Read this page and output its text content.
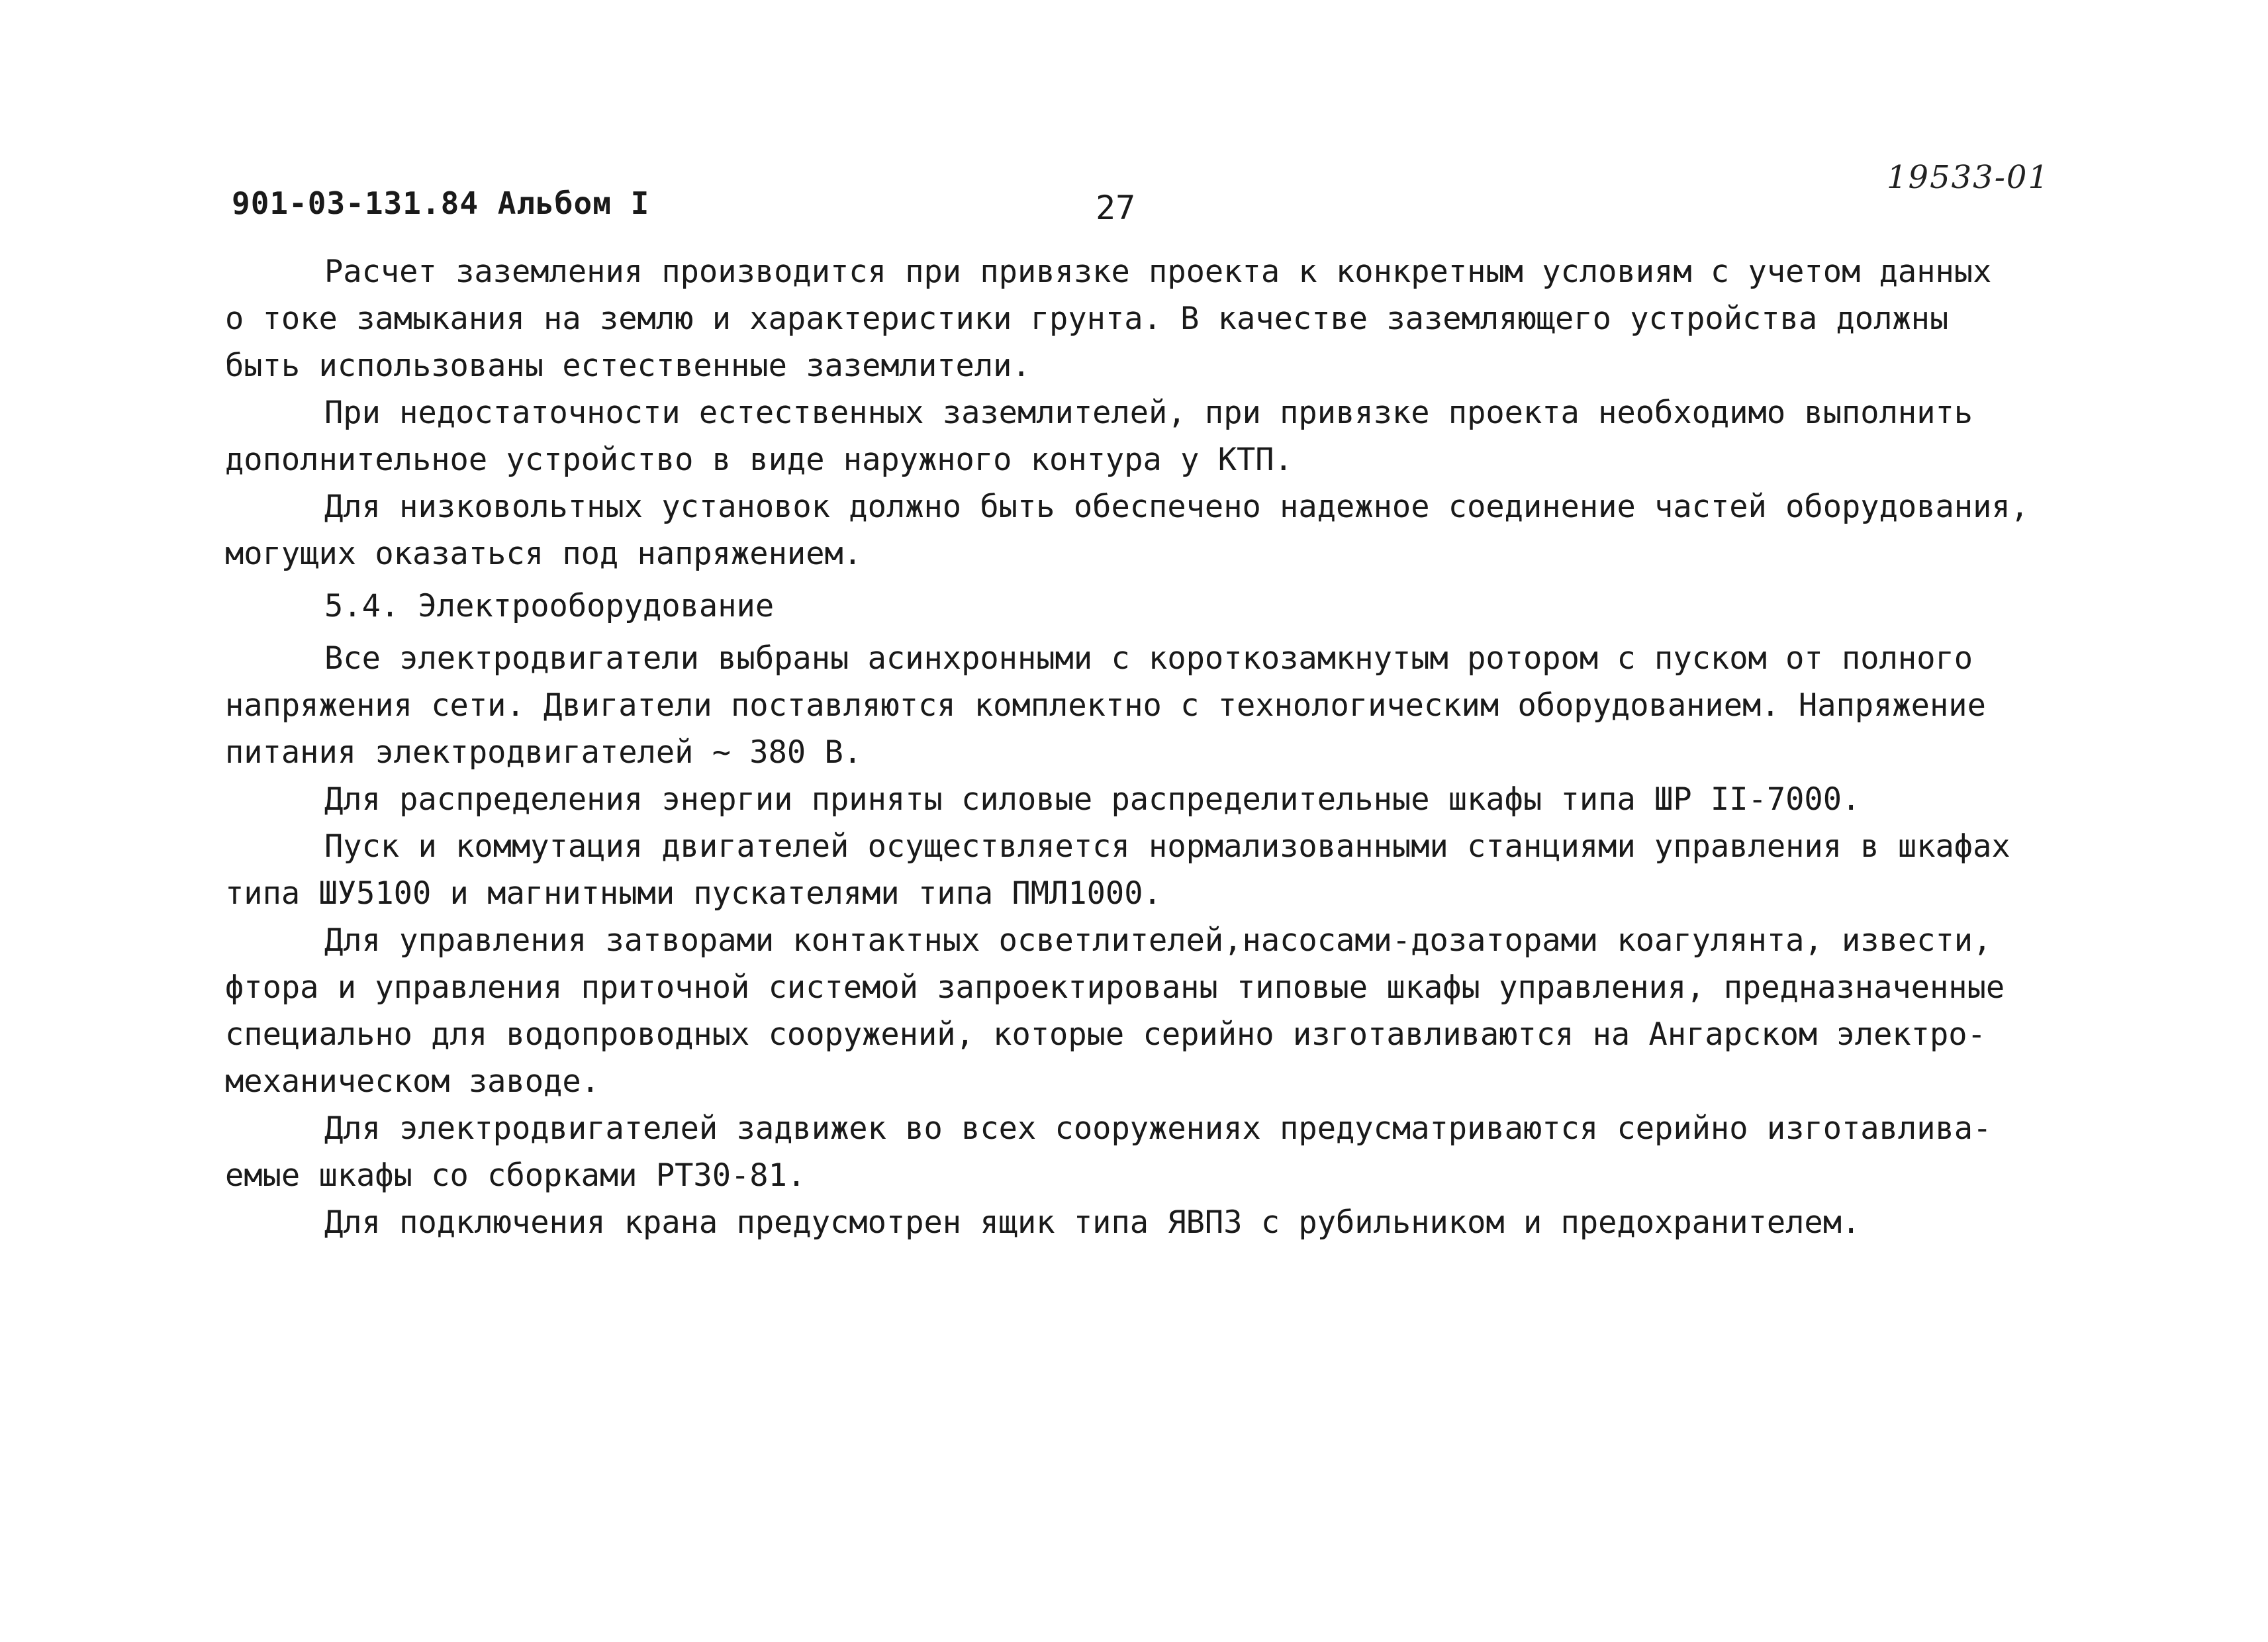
901-03-131.84 Альбом I	27
19533-01
Расчет заземления производится при привязке проекта к конкретным условиям с учетом данных
о токе замыкания на землю и характеристики грунта. В качестве заземляющего устройства должны
быть использованы естественные заземлители.
При недостаточности естественных заземлителей, при привязке проекта необходимо выполнить
дополнительное устройство в виде наружного контура у КТП.
Для низковольтных установок должно быть обеспечено надежное соединение частей оборудования,
могущих оказаться под напряжением.
5.4. Электрооборудование
Все электродвигатели выбраны асинхронными с короткозамкнутым ротором с пуском от полного
напряжения сети. Двигатели поставляются комплектно с технологическим оборудованием. Напряжение
питания электродвигателей ~ 380 В.
Для распределения энергии приняты силовые распределительные шкафы типа ШР II-7000.
Пуск и коммутация двигателей осуществляется нормализованными станциями управления в шкафах
типа ШУ5100 и магнитными пускателями типа ПМЛ1000.
Для управления затворами контактных осветлителей,насосами-дозаторами коагулянта, извести,
фтора и управления приточной системой запроектированы типовые шкафы управления, предназначенные
специально для водопроводных сооружений, которые серийно изготавливаются на Ангарском электро-
механическом заводе.
Для электродвигателей задвижек во всех сооружениях предусматриваются серийно изготавлива-
емые шкафы со сборками РТ30-81.
Для подключения крана предусмотрен ящик типа ЯВПЗ с рубильником и предохранителем.
